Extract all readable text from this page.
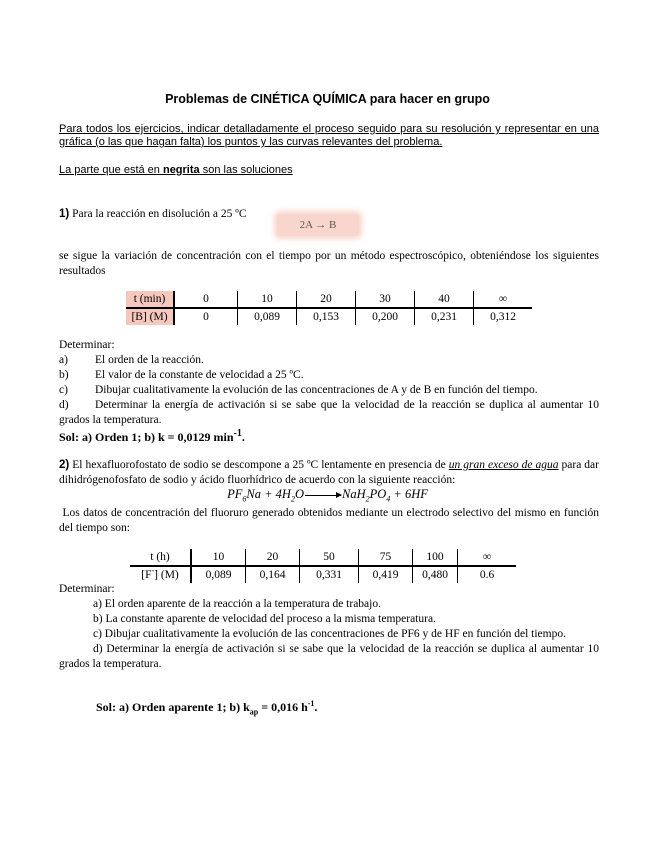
Problemas de CINÉTICA QUÍMICA para hacer en grupo
Para todos los ejercicios, indicar detalladamente el proceso seguido para su resolución y representar en una gráfica (o las que hagan falta) los puntos y las curvas relevantes del problema.
La parte que está en negrita son las soluciones
1) Para la reacción en disolución a 25 ºC
2A → B
se sigue la variación de concentración con el tiempo por un método espectroscópico, obteniéndose los siguientes resultados
t (min)	0	10	20	30	40	∞
[B] (M)	0	0,089	0,153	0,200	0,231	0,312
Determinar:
a)	El orden de la reacción.
b)	El valor de la constante de velocidad a 25 ºC.
c)	Dibujar cualitativamente la evolución de las concentraciones de A y de B en función del tiempo.
d) Determinar la energía de activación si se sabe que la velocidad de la reacción se duplica al aumentar 10 grados la temperatura.
Sol: a) Orden 1; b) k = 0,0129 $\min^{-1}$.
2) El hexafluorofostato de sodio se descompone a 25 ºC lentamente en presencia de un gran exceso de agua para dar dihidrógenofosfato de sodio y ácido fluorhídrico de acuerdo con la siguiente reacción:
$PF_6Na + 4H_2O\to NaH_2PO_4 + 6HF$
Los datos de concentración del fluoruro generado obtenidos mediante un electrodo selectivo del mismo en función del tiempo son:
t (h)	10	20	50	75	100	∞
[F-] (M)	0,089	0,164	0,331	0,419	0,480	0.6
Determinar:
a) El orden aparente de la reacción a la temperatura de trabajo.
b) La constante aparente de velocidad del proceso a la misma temperatura.
c) Dibujar cualitativamente la evolución de las concentraciones de PF6 y de HF en función del tiempo.
d) Determinar la energía de activación si se sabe que la velocidad de la reacción se duplica al aumentar 10 grados la temperatura.
Sol: a) Orden aparente 1; b) $k_{ap} = 0,016$ $h^{-1}$.
